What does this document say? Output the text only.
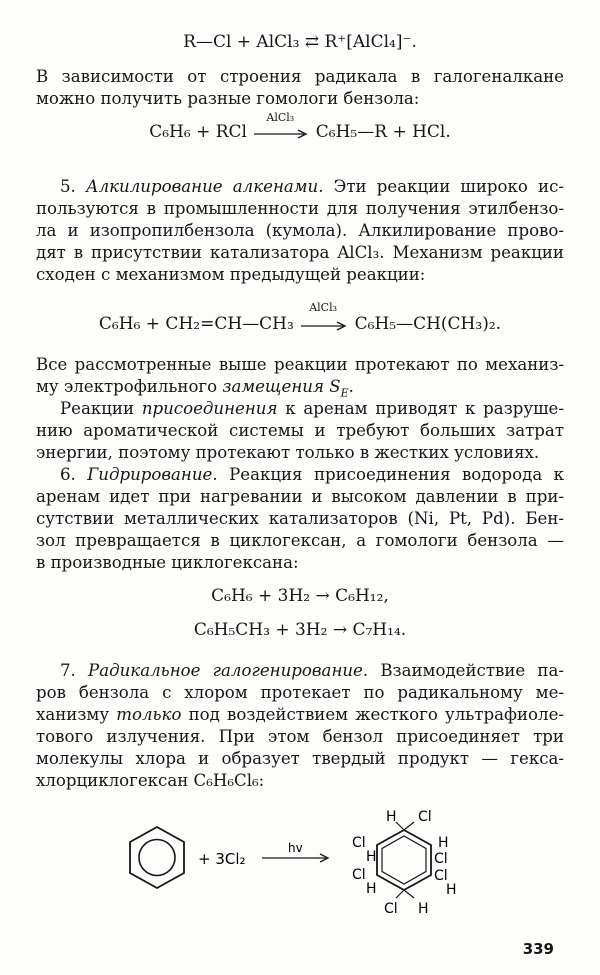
R—Cl + AlCl₃ ⇄ R⁺[AlCl₄]⁻.
В зависимости от строения радикала в галогеналкане
можно получить разные гомологи бензола:
C₆H₆ + RCl
AlCl₃
C₆H₅—R + HCl.
5. Алкилирование алкенами. Эти реакции широко ис-
пользуются в промышленности для получения этилбензо-
ла и изопропилбензола (кумола). Алкилирование прово-
дят в присутствии катализатора AlCl₃. Механизм реакции
сходен с механизмом предыдущей реакции:
C₆H₆ + CH₂=CH—CH₃
AlCl₃
C₆H₅—CH(CH₃)₂.
Все рассмотренные выше реакции протекают по механиз-
му электрофильного замещения $S_E$.
Реакции присоединения к аренам приводят к разруше-
нию ароматической системы и требуют больших затрат
энергии, поэтому протекают только в жестких условиях.
6. Гидрирование. Реакция присоединения водорода к
аренам идет при нагревании и высоком давлении в при-
сутствии металлических катализаторов (Ni, Pt, Pd). Бен-
зол превращается в циклогексан, а гомологи бензола —
в производные циклогексана:
C₆H₆ + 3H₂ → C₆H₁₂,
C₆H₅CH₃ + 3H₂ → C₇H₁₄.
7. Радикальное галогенирование. Взаимодействие па-
ров бензола с хлором протекает по радикальному ме-
ханизму только под воздействием жесткого ультрафиоле-
тового излучения. При этом бензол присоединяет три
молекулы хлора и образует твердый продукт — гекса-
хлорциклогексан C₆H₆Cl₆:
+ 3Cl₂
hv
H Cl
Cl
H
H
Cl
Cl
H
Cl
H
Cl H
339
